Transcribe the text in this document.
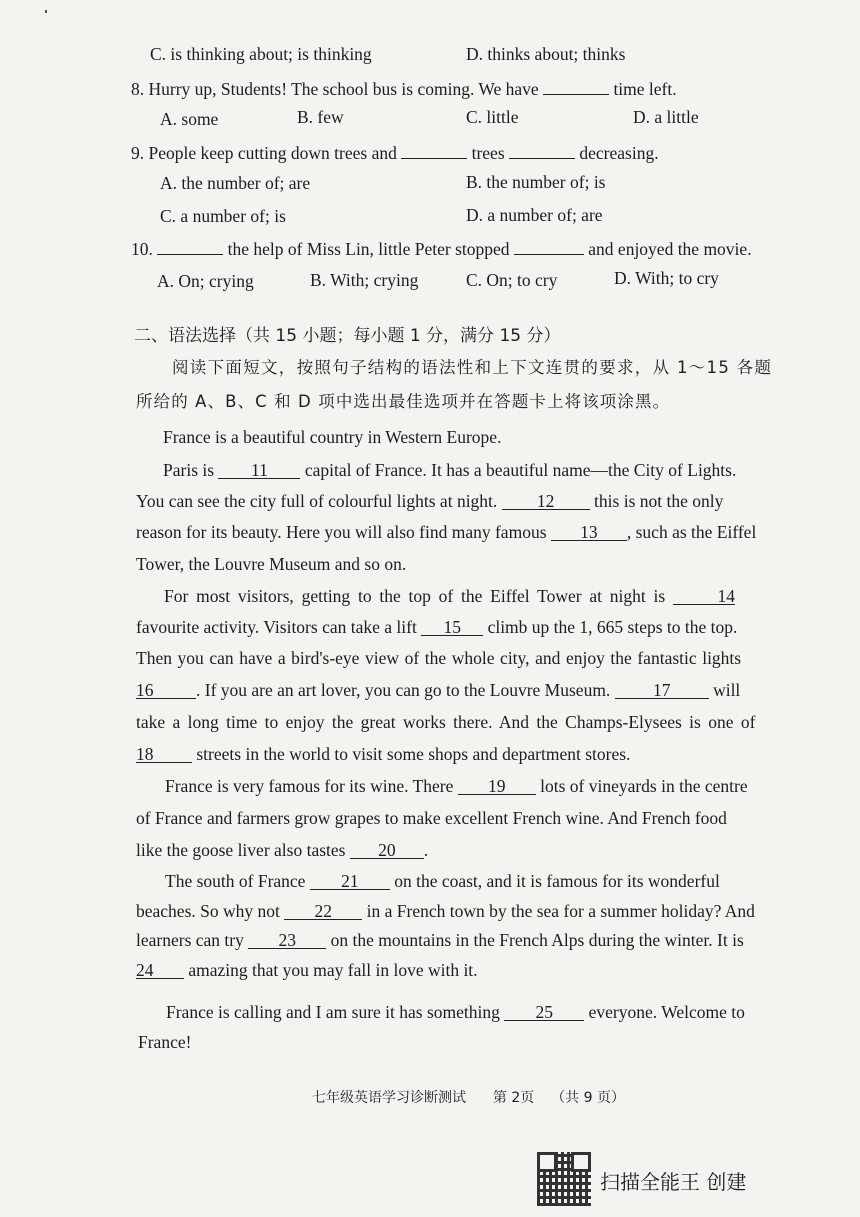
C. is thinking about; is thinking	D. thinks about; thinks
8. Hurry up, Students! The school bus is coming. We have	time left.
A. some	B. few	C. little	D. a little
9. People keep cutting down trees and	trees	decreasing.
A. the number of; are	B. the number of; is
C. a number of; is	D. a number of; are
10.	the help of Miss Lin, little Peter stopped	and enjoyed the movie.
A. On; crying	B. With; crying	C. On; to cry	D. With; to cry
二、语法选择（共 15 小题；每小题 1 分，满分 15 分）
阅读下面短文，按照句子结构的语法性和上下文连贯的要求，从 1～15 各题
所给的 A、B、C 和 D 项中选出最佳选项并在答题卡上将该项涂黑。
France is a beautiful country in Western Europe.
Paris is 11 capital of France. It has a beautiful name—the City of Lights.
You can see the city full of colourful lights at night. 12 this is not the only
reason for its beauty. Here you will also find many famous 13 , such as the Eiffel
Tower, the Louvre Museum and so on.
For most visitors, getting to the top of the Eiffel Tower at night is	14
favourite activity. Visitors can take a lift 15 climb up the 1, 665 steps to the top.
Then you can have a bird's-eye view of the whole city, and enjoy the fantastic lights
16 . If you are an art lover, you can go to the Louvre Museum. 17 will
take a long time to enjoy the great works there. And the Champs-Elysees is one of
18 streets in the world to visit some shops and department stores.
France is very famous for its wine. There 19 lots of vineyards in the centre
of France and farmers grow grapes to make excellent French wine. And French food
like the goose liver also tastes 20 .
The south of France 21 on the coast, and it is famous for its wonderful
beaches. So why not 22 in a French town by the sea for a summer holiday? And
learners can try 23 on the mountains in the French Alps during the winter. It is
24 amazing that you may fall in love with it.
France is calling and I am sure it has something 25 everyone. Welcome to
France!
七年级英语学习诊断测试 第 2页 （共 9 页）
扫描全能王 创建
